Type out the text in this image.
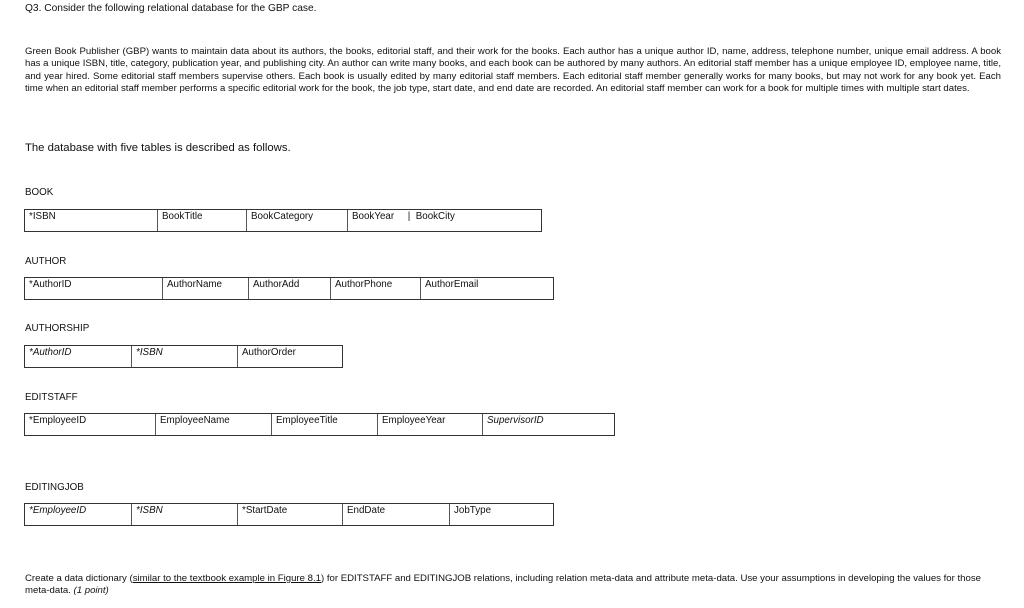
Q3. Consider the following relational database for the GBP case.
Green Book Publisher (GBP) wants to maintain data about its authors, the books, editorial staff, and their work for the books. Each author has a unique author ID, name, address, telephone number, unique email address. A book has a unique ISBN, title, category, publication year, and publishing city. An author can write many books, and each book can be authored by many authors. An editorial staff member has a unique employee ID, employee name, title, and year hired. Some editorial staff members supervise others. Each book is usually edited by many editorial staff members. Each editorial staff member generally works for many books, but may not work for any book yet. Each time when an editorial staff member performs a specific editorial work for the book, the job type, start date, and end date are recorded. An editorial staff member can work for a book for multiple times with multiple start dates.
The database with five tables is described as follows.
BOOK
*ISBN	BookTitle	BookCategory	BookYear     |  BookCity
AUTHOR
*AuthorID	AuthorName	AuthorAdd	AuthorPhone	AuthorEmail
AUTHORSHIP
*AuthorID	*ISBN	AuthorOrder
EDITSTAFF
*EmployeeID	EmployeeName	EmployeeTitle	EmployeeYear	SupervisorID
EDITINGJOB
*EmployeeID	*ISBN	*StartDate	EndDate	JobType
Create a data dictionary (similar to the textbook example in Figure 8.1) for EDITSTAFF and EDITINGJOB relations, including relation meta-data and attribute meta-data. Use your assumptions in developing the values for those meta-data. (1 point)
